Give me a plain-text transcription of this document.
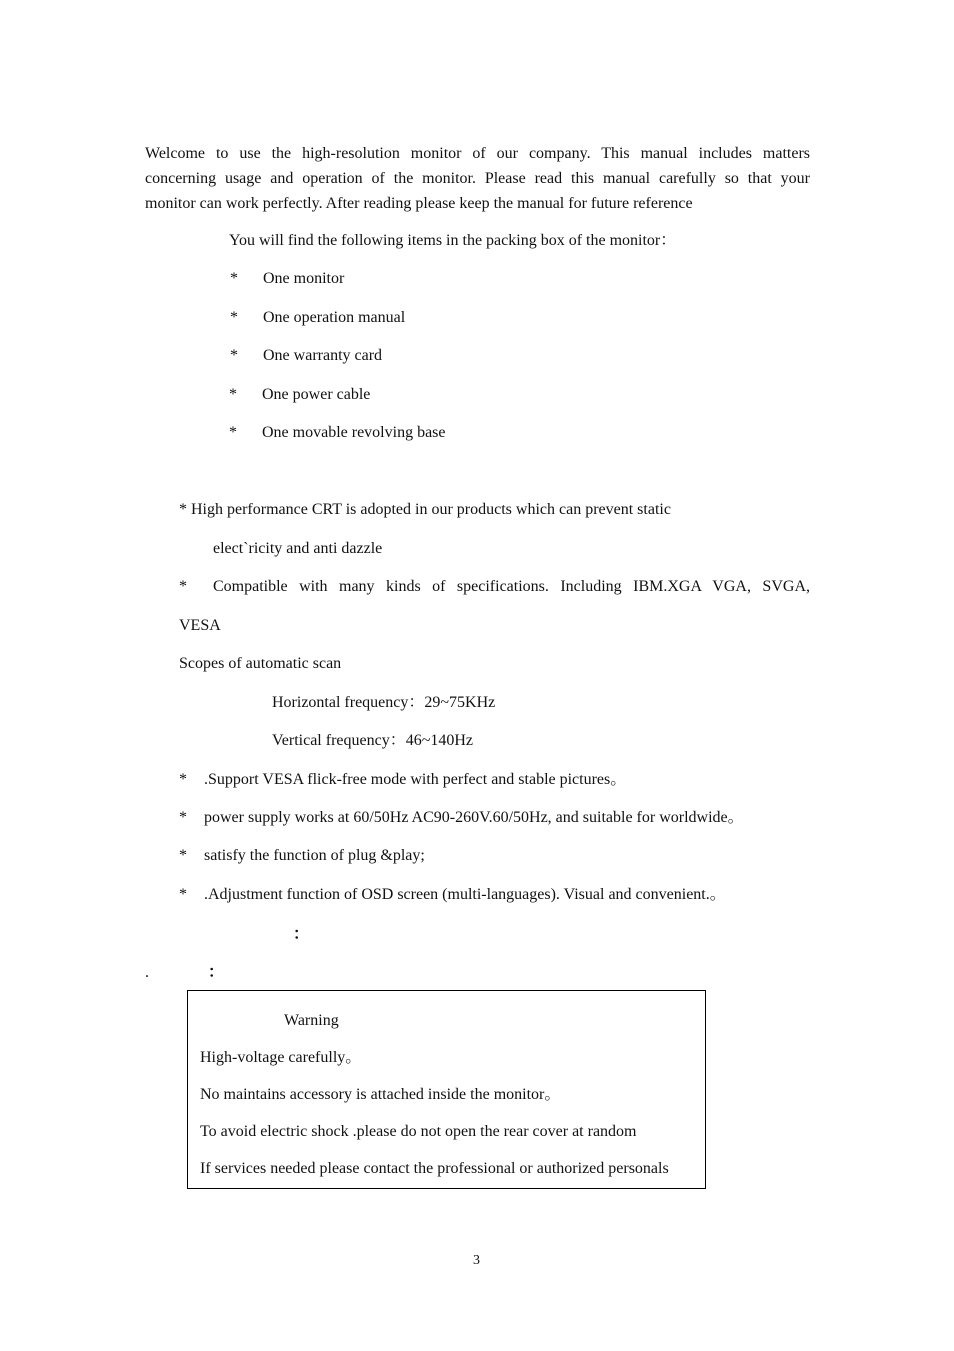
Welcome to use the high-resolution monitor of our company. This manual includes matters
concerning usage and operation of the monitor. Please read this manual carefully so that your
monitor can work perfectly. After reading please keep the manual for future reference
You will find the following items in the packing box of the monitor：
* One monitor
* One operation manual
* One warranty card
* One power cable
* One movable revolving base
* High performance CRT is adopted in our products which can prevent static
elect`ricity and anti dazzle
* Compatible with many kinds of specifications. Including IBM.XGA VGA, SVGA,
VESA
Scopes of automatic scan
Horizontal frequency：29~75KHz
Vertical frequency：46~140Hz
* .Support VESA flick-free mode with perfect and stable pictures。
* power supply works at 60/50Hz AC90-260V.60/50Hz, and suitable for worldwide。
* satisfy the function of plug &play;
* .Adjustment function of OSD screen (multi-languages). Visual and convenient.。
：
.	：
Warning
High-voltage carefully。
No maintains accessory is attached inside the monitor。
To avoid electric shock .please do not open the rear cover at random
If services needed please contact the professional or authorized personals
3
